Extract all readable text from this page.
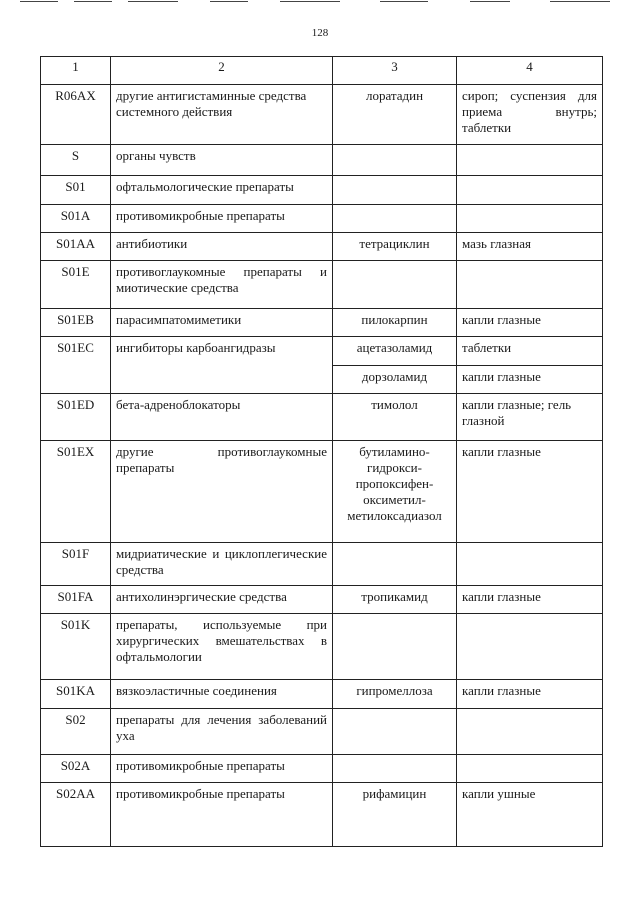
128
1	2	3	4
R06AX	другие антигистаминные средства системного действия	лоратадин	сироп; суспензия для приема внутрь; таблетки
S	органы чувств		
S01	офтальмологические препараты		
S01A	противомикробные препараты		
S01AA	антибиотики	тетрациклин	мазь глазная
S01E	противоглаукомные препараты и миотические средства		
S01EB	парасимпатомиметики	пилокарпин	капли глазные
S01EC	ингибиторы карбоангидразы	ацетазоламид	таблетки
		дорзоламид	капли глазные
S01ED	бета-адреноблокаторы	тимолол	капли глазные; гель глазной
S01EX	другие противоглаукомные препараты	бутиламино-гидрокси-пропоксифен-оксиметил-метилоксадиазол	капли глазные
S01F	мидриатические и циклоплегические средства		
S01FA	антихолинэргические средства	тропикамид	капли глазные
S01K	препараты, используемые при хирургических вмешательствах в офтальмологии		
S01KA	вязкоэластичные соединения	гипромеллоза	капли глазные
S02	препараты для лечения заболеваний уха		
S02A	противомикробные препараты		
S02AA	противомикробные препараты	рифамицин	капли ушные
